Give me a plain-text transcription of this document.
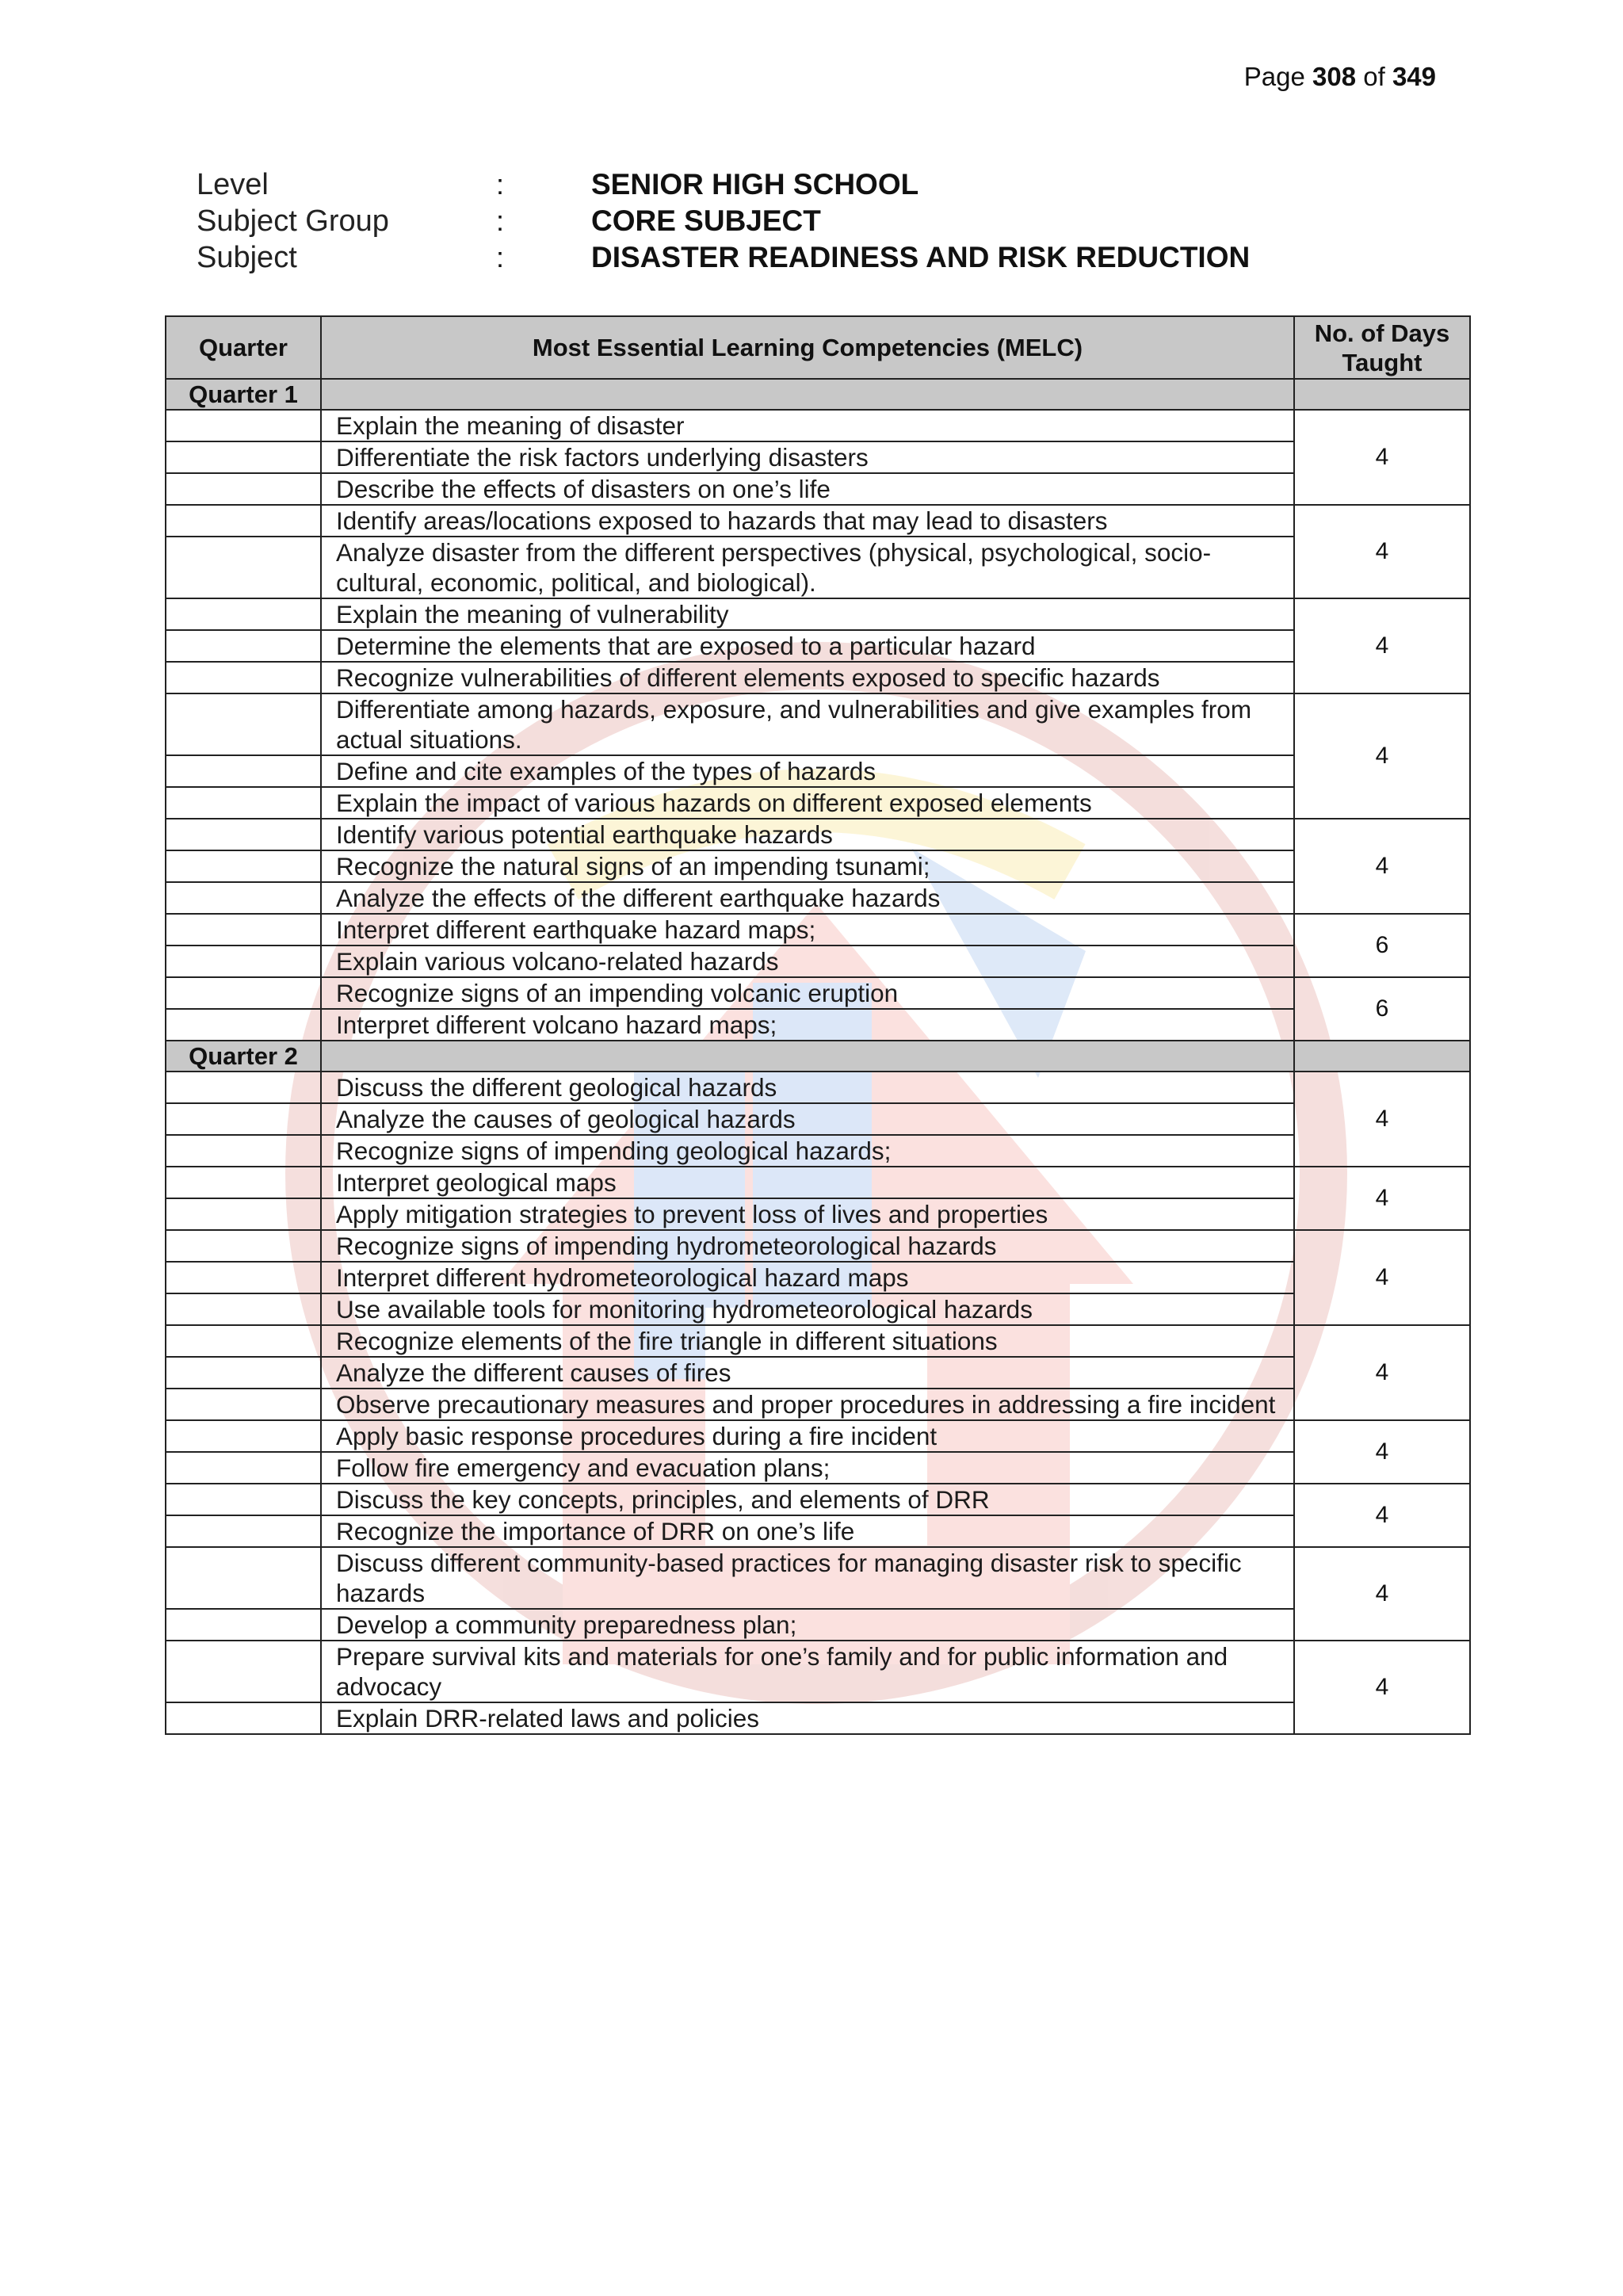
Page 308 of 349
Level	:	SENIOR HIGH SCHOOL
Subject Group	:	CORE SUBJECT
Subject	:	DISASTER READINESS AND RISK REDUCTION
Quarter	Most Essential Learning Competencies (MELC)	No. of Days Taught
Quarter 1		
	Explain the meaning of disaster	4
	Differentiate the risk factors underlying disasters	
	Describe the effects of disasters on one’s life	
	Identify areas/locations exposed to hazards that may lead to disasters	4
	Analyze disaster from the different perspectives (physical, psychological, socio-cultural, economic, political, and biological).	
	Explain the meaning of vulnerability	4
	Determine the elements that are exposed to a particular hazard	
	Recognize vulnerabilities of different elements exposed to specific hazards	
	Differentiate among hazards, exposure, and vulnerabilities and give examples from actual situations.	4
	Define and cite examples of the types of hazards	
	Explain the impact of various hazards on different exposed elements	
	Identify various potential earthquake hazards	4
	Recognize the natural signs of an impending tsunami;	
	Analyze the effects of the different earthquake hazards	
	Interpret different earthquake hazard maps;	6
	Explain various volcano-related hazards	
	Recognize signs of an impending volcanic eruption	6
	Interpret different volcano hazard maps;	
Quarter 2		
	Discuss the different geological hazards	4
	Analyze the causes of geological hazards	
	Recognize signs of impending geological hazards;	
	Interpret geological maps	4
	Apply mitigation strategies to prevent loss of lives and properties	
	Recognize signs of impending hydrometeorological hazards	4
	Interpret different hydrometeorological hazard maps	
	Use available tools for monitoring hydrometeorological hazards	
	Recognize elements of the fire triangle in different situations	4
	Analyze the different causes of fires	
	Observe precautionary measures and proper procedures in addressing a fire incident	
	Apply basic response procedures during a fire incident	4
	Follow fire emergency and evacuation plans;	
	Discuss the key concepts, principles, and elements of DRR	4
	Recognize the importance of DRR on one’s life	
	Discuss different community-based practices for managing disaster risk to specific hazards	4
	Develop a community preparedness plan;	
	Prepare survival kits and materials for one’s family and for public information and advocacy	4
	Explain DRR-related laws and policies	
